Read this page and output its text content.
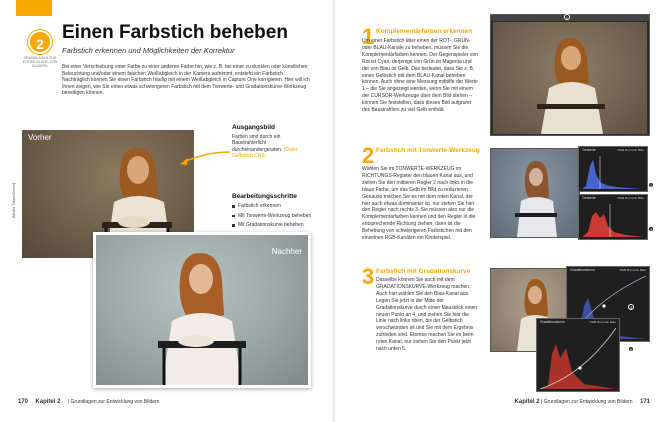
2
GRUNDLAGEN ZUR ENTWICKLUNG VON BILDERN
Einen Farbstich beheben
Farbstich erkennen und Möglichkeiten der Korrektur
Bei einer Verschiebung einer Farbe zu einer anderen Farbe hin, wie z. B. bei einer zu dunklen oder künstlichen Beleuchtung und/oder einem falschen Weißabgleich in der Kamera aufnimmt, entsteht ein Farbstich. Nachträglich können Sie einen Farbstich häufig mit einem Weißabgleich in Capture One korrigieren. Hier will ich Ihnen zeigen, wie Sie einen etwas schwierigeren Farbstich mit dem Tonwerte- und Gradationskurve-Werkzeug beseitigen können.
Vorher
[Model: Tabea Börner]
Nachher
Ausgangsbild
Farben sind durch ein Baustrahlerlicht durcheinandergeraten. (Datei: Gelbstich.CR2)
Bearbeitungsschritte
Farbstich erkennen
Mit Tonwerte-Werkzeug beheben
Mit Gradationskurve beheben
170 Kapitel 2 | Grundlagen zur Entwicklung von Bildern
1 Komplementärfarben erkennen
Um einer Farbstich über einen der ROT-, GRÜN- oder BLAU-Kanäle zu beheben, müssen Sie die Komplementärfarben kennen. Der Gegenspieler von Rot ist Cyan, derjenige von Grün ist Magenta und der von Blau ist Gelb. Das bedeutet, dass Sie z. B. einen Gelbstich mit dem BLAU-Kanal beheben können. Auch ohne eine Messung mithilfe der Werte 1 – die Sie angezeigt werden, wenn Sie mit einem der CURSOR-Werkzeuge über dem Bild stehen – können Sie feststellen, dass dieses Bild aufgrund des Baustrahlers zu viel Gelb enthält.
1
2 Farbstich mit Tonwerte-Werkzeug
Wählen Sie im TONWERTE-WERKZEUG im RICHTUNGS-Register den blauen Kanal aus, und ziehen Sie den mittleren Regler 2 nach links in die blaue Farbe, um das Gelb im Bild zu reduzieren. Genauso machen Sie es mit dem roten Kanal, der hier auch etwas dominanter ist, nur ziehen Sie hier den Regler nach rechts 3. Sie müssen also nur die Komplementärfarben kennen und den Regler in die entsprechende Richtung ziehen, dann ist die Behebung von schwierigeren Farbstichen mit den einzelnen RGB-Kanälen ein Kinderspiel.
Tonwerte	RGB Rot Grün Blau
Tonwerte	RGB Rot Grün Blau
2
3
3 Farbstich mit Gradationskurve
Dasselbe können Sie auch mit dem GRADATIONSKURVE-Werkzeug machen. Auch hier wählen Sie den Blau-Kanal aus. Legen Sie jetzt in der Mitte der Gradationskurve durch einen Mausklick einen neuen Punkt an 4, und ziehen Sie hier die Linie nach links oben, bis der Gelbstich verschwunden ist und Sie mit dem Ergebnis zufrieden sind. Ebenso machen Sie es beim roten Kanal, nur ziehen Sie den Punkt jetzt nach unten 5.
Gradationskurve	RGB Rot Grün Blau
Gradationskurve	RGB Rot Grün Blau
4
5
Kapitel 2 | Grundlagen zur Entwicklung von Bildern 171
